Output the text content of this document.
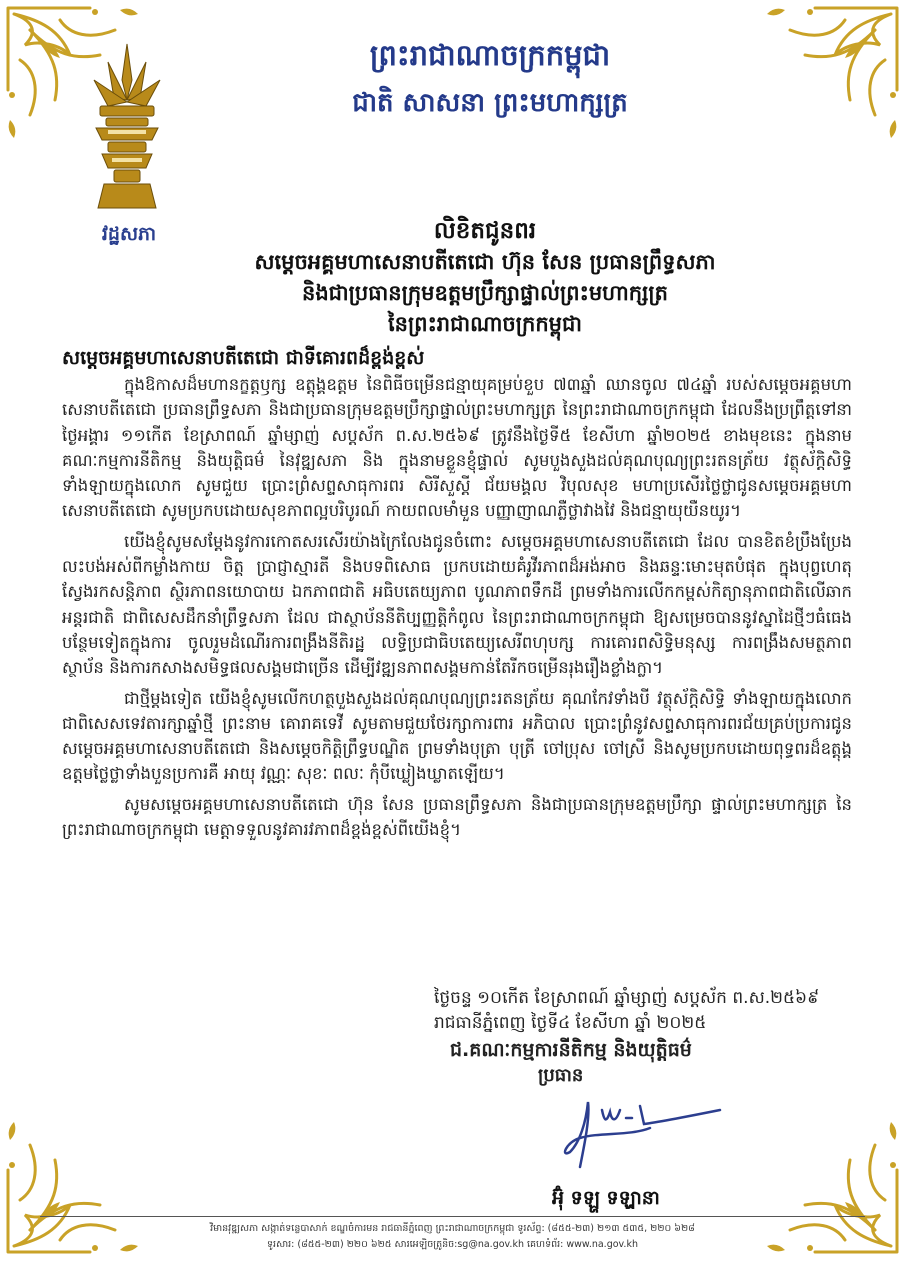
វដ្ឋសភា
ព្រះរាជាណាចក្រកម្ពុជា
ជាតិ សាសនា ព្រះមហាក្សត្រ
លិខិតជូនពរ
សម្តេចអគ្គមហាសេនាបតីតេជោ ហ៊ុន សែន ប្រធានព្រឹទ្ធសភា
និងជាប្រធានក្រុមឧត្តមប្រឹក្សាផ្ទាល់ព្រះមហាក្សត្រ
នៃព្រះរាជាណាចក្រកម្ពុជា
សម្តេចអគ្គមហាសេនាបតីតេជោ ជាទីគោរពដ៏ខ្ពង់ខ្ពស់

ក្នុងឱកាសដ៏មហានក្ខត្តឫក្ស ឧត្តុង្គឧត្តម នៃពិធីចម្រើនជន្មាយុគម្រប់ខួប ៧៣ឆ្នាំ ឈានចូល ៧៤ឆ្នាំ របស់សម្តេចអគ្គមហាសេនាបតីតេជោ ប្រធានព្រឹទ្ធសភា និងជាប្រធានក្រុមឧត្តមប្រឹក្សាផ្ទាល់ព្រះមហាក្សត្រ នៃព្រះរាជាណាចក្រកម្ពុជា ដែលនឹងប្រព្រឹត្តទៅនាថ្ងៃអង្គារ ១១កើត ខែស្រាពណ៍ ឆ្នាំម្សាញ់ សប្តស័ក ព.ស.២៥៦៩ ត្រូវនឹងថ្ងៃទី៥ ខែសីហា ឆ្នាំ២០២៥ ខាងមុខនេះ ក្នុងនាមគណៈកម្មការនីតិកម្ម និងយុត្តិធម៌ នៃវុឌ្ឍសភា និង ក្នុងនាមខ្លួនខ្ញុំផ្ទាល់ សូមបួងសួងដល់គុណបុណ្យព្រះរតនត្រ័យ វត្ថុស័ក្តិសិទ្ធិទាំងឡាយក្នុងលោក សូមជួយ ប្រោះព្រំសព្ទសាធុការពរ សិរីសួស្តី ជ័យមង្គល វិបុលសុខ មហាប្រសើរថ្លៃថ្លាជូនសម្តេចអគ្គមហាសេនាបតីតេជោ សូមប្រកបដោយសុខភាពល្អបរិបូរណ៍ កាយពលមាំមួន បញ្ញាញាណភ្លឺថ្លាវាងវៃ និងជន្មាយុយឺនយូរ។

យើងខ្ញុំសូមសម្តែងនូវការកោតសរសើរយ៉ាងក្រៃលែងជូនចំពោះ សម្តេចអគ្គមហាសេនាបតីតេជោ ដែល បានខិតខំប្រឹងប្រែងលះបង់អស់ពីកម្លាំងកាយ ចិត្ត ប្រាជ្ញាស្មារតី និងបទពិសោធ ប្រកបដោយគំរូវីរភាពដ៏អង់អាច និងឆន្ទៈមោះមុតបំផុត ក្នុងបុព្វហេតុស្វែងរកសន្តិភាព ស្ថិរភាពនយោបាយ ឯកភាពជាតិ អធិបតេយ្យភាព បូណភាពទឹកដី ព្រមទាំងការលើកកម្ពស់កិត្យានុភាពជាតិលើឆាកអន្តរជាតិ ជាពិសេសដឹកនាំព្រឹទ្ធសភា ដែល ជាស្ថាប័ននីតិប្បញ្ញត្តិកំពូល នៃព្រះរាជាណាចក្រកម្ពុជា ឱ្យសម្រេចបាននូវស្នាដៃថ្មីៗធំធេងបន្ថែមទៀតក្នុងការ ចូលរួមដំណើរការពង្រឹងនីតិរដ្ឋ លទ្ធិប្រជាធិបតេយ្យសេរីពហុបក្ស ការគោរពសិទ្ធិមនុស្ស ការពង្រឹងសមត្ថភាព ស្ថាប័ន និងការកសាងសមិទ្ធផលសង្គមជាច្រើន ដើម្បីវឌ្ឍនភាពសង្គមកាន់តែរីកចម្រើនរុងរឿងខ្លាំងក្លា។

ជាថ្មីម្តងទៀត យើងខ្ញុំសូមលើកហត្ថបួងសួងដល់គុណបុណ្យព្រះរតនត្រ័យ គុណកែវទាំងបី វត្ថុស័ក្តិសិទ្ធិ ទាំងឡាយក្នុងលោក ជាពិសេសទេវតារក្សាឆ្នាំថ្មី ព្រះនាម គោរាគទេវី សូមតាមជួយថែរក្សាការពារ អភិបាល ប្រោះព្រំនូវសព្ទសាធុការពរជ័យគ្រប់ប្រការជូន សម្តេចអគ្គមហាសេនាបតីតេជោ និងសម្តេចកិត្តិព្រឹទ្ធបណ្ឌិត ព្រមទាំងបុត្រា បុត្រី ចៅប្រុស ចៅស្រី និងសូមប្រកបដោយពុទ្ធពរដ៏ឧត្តុង្គឧត្តមថ្លៃថ្លាទាំងបួនប្រការគឺ អាយុ វណ្ណៈ សុខៈ ពលៈ កុំបីឃ្លៀងឃ្លាតឡើយ។

សូមសម្តេចអគ្គមហាសេនាបតីតេជោ ហ៊ុន សែន ប្រធានព្រឹទ្ធសភា និងជាប្រធានក្រុមឧត្តមប្រឹក្សា ផ្ទាល់ព្រះមហាក្សត្រ នៃព្រះរាជាណាចក្រកម្ពុជា មេត្តាទទួលនូវគារវភាពដ៏ខ្ពង់ខ្ពស់ពីយើងខ្ញុំ។

ថ្ងៃចន្ទ ១០កើត ខែស្រាពណ៍ ឆ្នាំម្សាញ់ សប្តស័ក ព.ស.២៥៦៩
រាជធានីភ្នំពេញ ថ្ងៃទី៤ ខែសីហា ឆ្នាំ ២០២៥
ជ.គណៈកម្មការនីតិកម្ម និងយុត្តិធម៌
ប្រធាន
អ៊ុំ ទឡ្ហ ទឡ្ហានា
វិមានវុឌ្ឍសភា សង្កាត់ទន្លេបាសាក់ ខណ្ឌចំការមន រាជធានីភ្នំពេញ ព្រះរាជាណាចក្រកម្ពុជា ទូរស័ព្ទ: (៨៥៥-២៣) ២១៣ ៥៣៥, ២២០ ៦២៨
ទូរសារ: (៨៥៥-២៣) ២២០ ៦២៥ សារអេឡិចត្រូនិច:sg@na.gov.kh គេហទំព័រ: www.na.gov.kh
